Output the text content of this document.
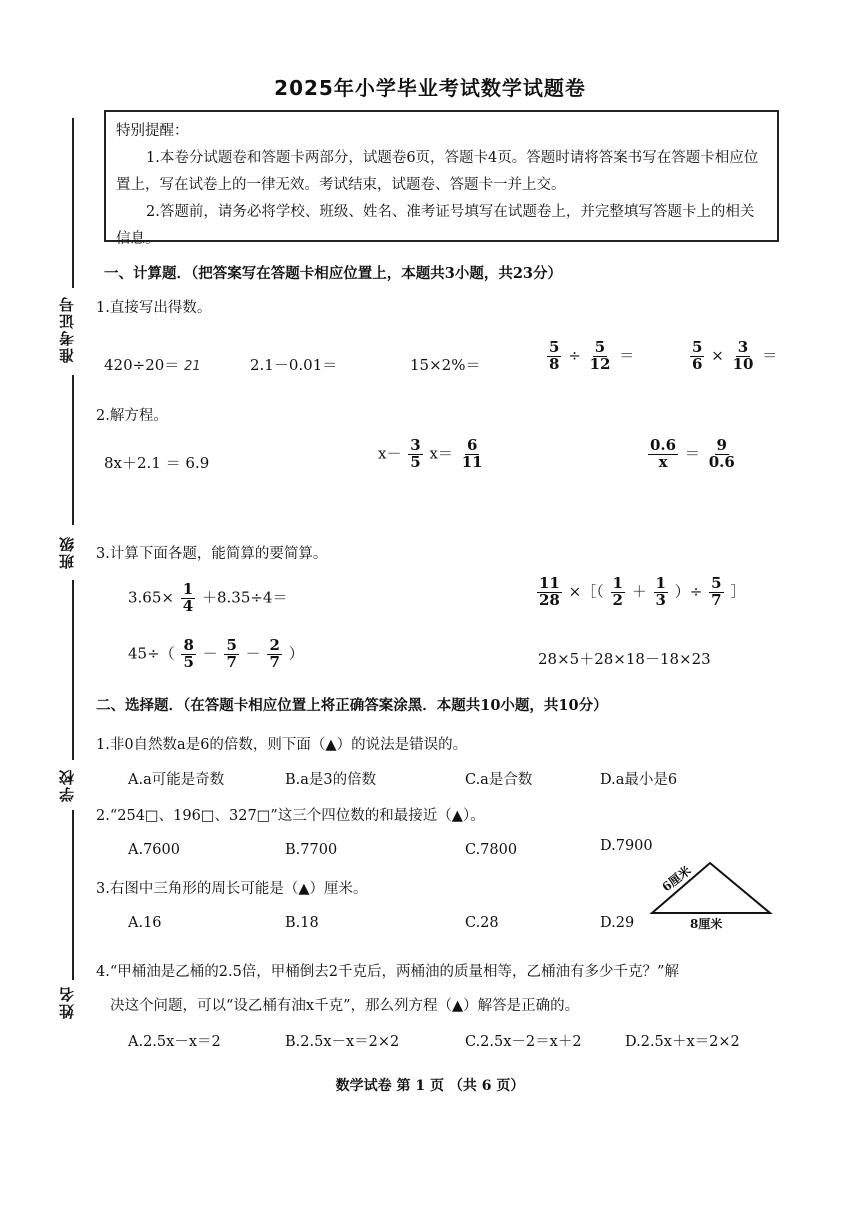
2025年小学毕业考试数学试题卷

特别提醒：

1.本卷分试题卷和答题卡两部分，试题卷6页，答题卡4页。答题时请将答案书写在答题卡相应位置上，写在试卷上的一律无效。考试结束，试题卷、答题卡一并上交。

2.答题前，请务必将学校、班级、姓名、准考证号填写在试题卷上，并完整填写答题卡上的相关信息。

准考证号
班级
学校
姓名
一、计算题．（把答案写在答题卡相应位置上，本题共3小题，共23分）
1.直接写出得数。
420÷20＝ 21	2.1－0.01＝	15×2%＝	$\frac{5}{8} \div \frac{5}{12}$ ＝	$\frac{5}{6} \times \frac{3}{10}$ ＝
2.解方程。
8x＋2.1 ＝ 6.9
$x- \frac{3}{5} x= \frac{6}{11}$	$\frac{0.6}{x} = \frac{9}{0.6}$
3.计算下面各题，能简算的要简算。
$3.65\times \frac{1}{4} +8.35\div 4=$	$\frac{11}{28}$ ×［（ $\frac{1}{2} + \frac{1}{3}$ ）÷ $\frac{5}{7}$ ］
$45\div( \frac{8}{5} - \frac{5}{7} - \frac{2}{7}$ ）	28×5＋28×18－18×23
二、选择题．（在答题卡相应位置上将正确答案涂黑．本题共10小题，共10分）
1.非0自然数a是6的倍数，则下面（▲）的说法是错误的。
A.a可能是奇数	B.a是3的倍数	C.a是合数	D.a最小是6
2.“254□、196□、327□”这三个四位数的和最接近（▲）。
A.7600	B.7700	C.7800	D.7900
3.右图中三角形的周长可能是（▲）厘米。
A.16	B.18	C.28	D.29
6厘米
8厘米
4.“甲桶油是乙桶的2.5倍，甲桶倒去2千克后，两桶油的质量相等，乙桶油有多少千克？”解
决这个问题，可以“设乙桶有油x千克”，那么列方程（▲）解答是正确的。
A.2.5x－x＝2	B.2.5x－x＝2×2	C.2.5x－2＝x＋2	D.2.5x＋x＝2×2
数学试卷 第 1 页 （共 6 页）
